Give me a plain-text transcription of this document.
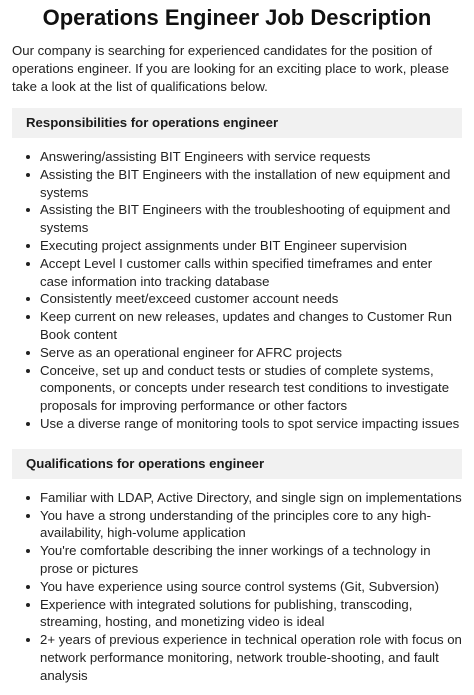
Operations Engineer Job Description

Our company is searching for experienced candidates for the position of operations engineer. If you are looking for an exciting place to work, please take a look at the list of qualifications below.

Responsibilities for operations engineer
Answering/assisting BIT Engineers with service requests
Assisting the BIT Engineers with the installation of new equipment and systems
Assisting the BIT Engineers with the troubleshooting of equipment and systems
Executing project assignments under BIT Engineer supervision
Accept Level I customer calls within specified timeframes and enter case information into tracking database
Consistently meet/exceed customer account needs
Keep current on new releases, updates and changes to Customer Run Book content
Serve as an operational engineer for AFRC projects
Conceive, set up and conduct tests or studies of complete systems, components, or concepts under research test conditions to investigate proposals for improving performance or other factors
Use a diverse range of monitoring tools to spot service impacting issues
Qualifications for operations engineer
Familiar with LDAP, Active Directory, and single sign on implementations
You have a strong understanding of the principles core to any high-availability, high-volume application
You're comfortable describing the inner workings of a technology in prose or pictures
You have experience using source control systems (Git, Subversion)
Experience with integrated solutions for publishing, transcoding, streaming, hosting, and monetizing video is ideal
2+ years of previous experience in technical operation role with focus on network performance monitoring, network trouble-shooting, and fault analysis
